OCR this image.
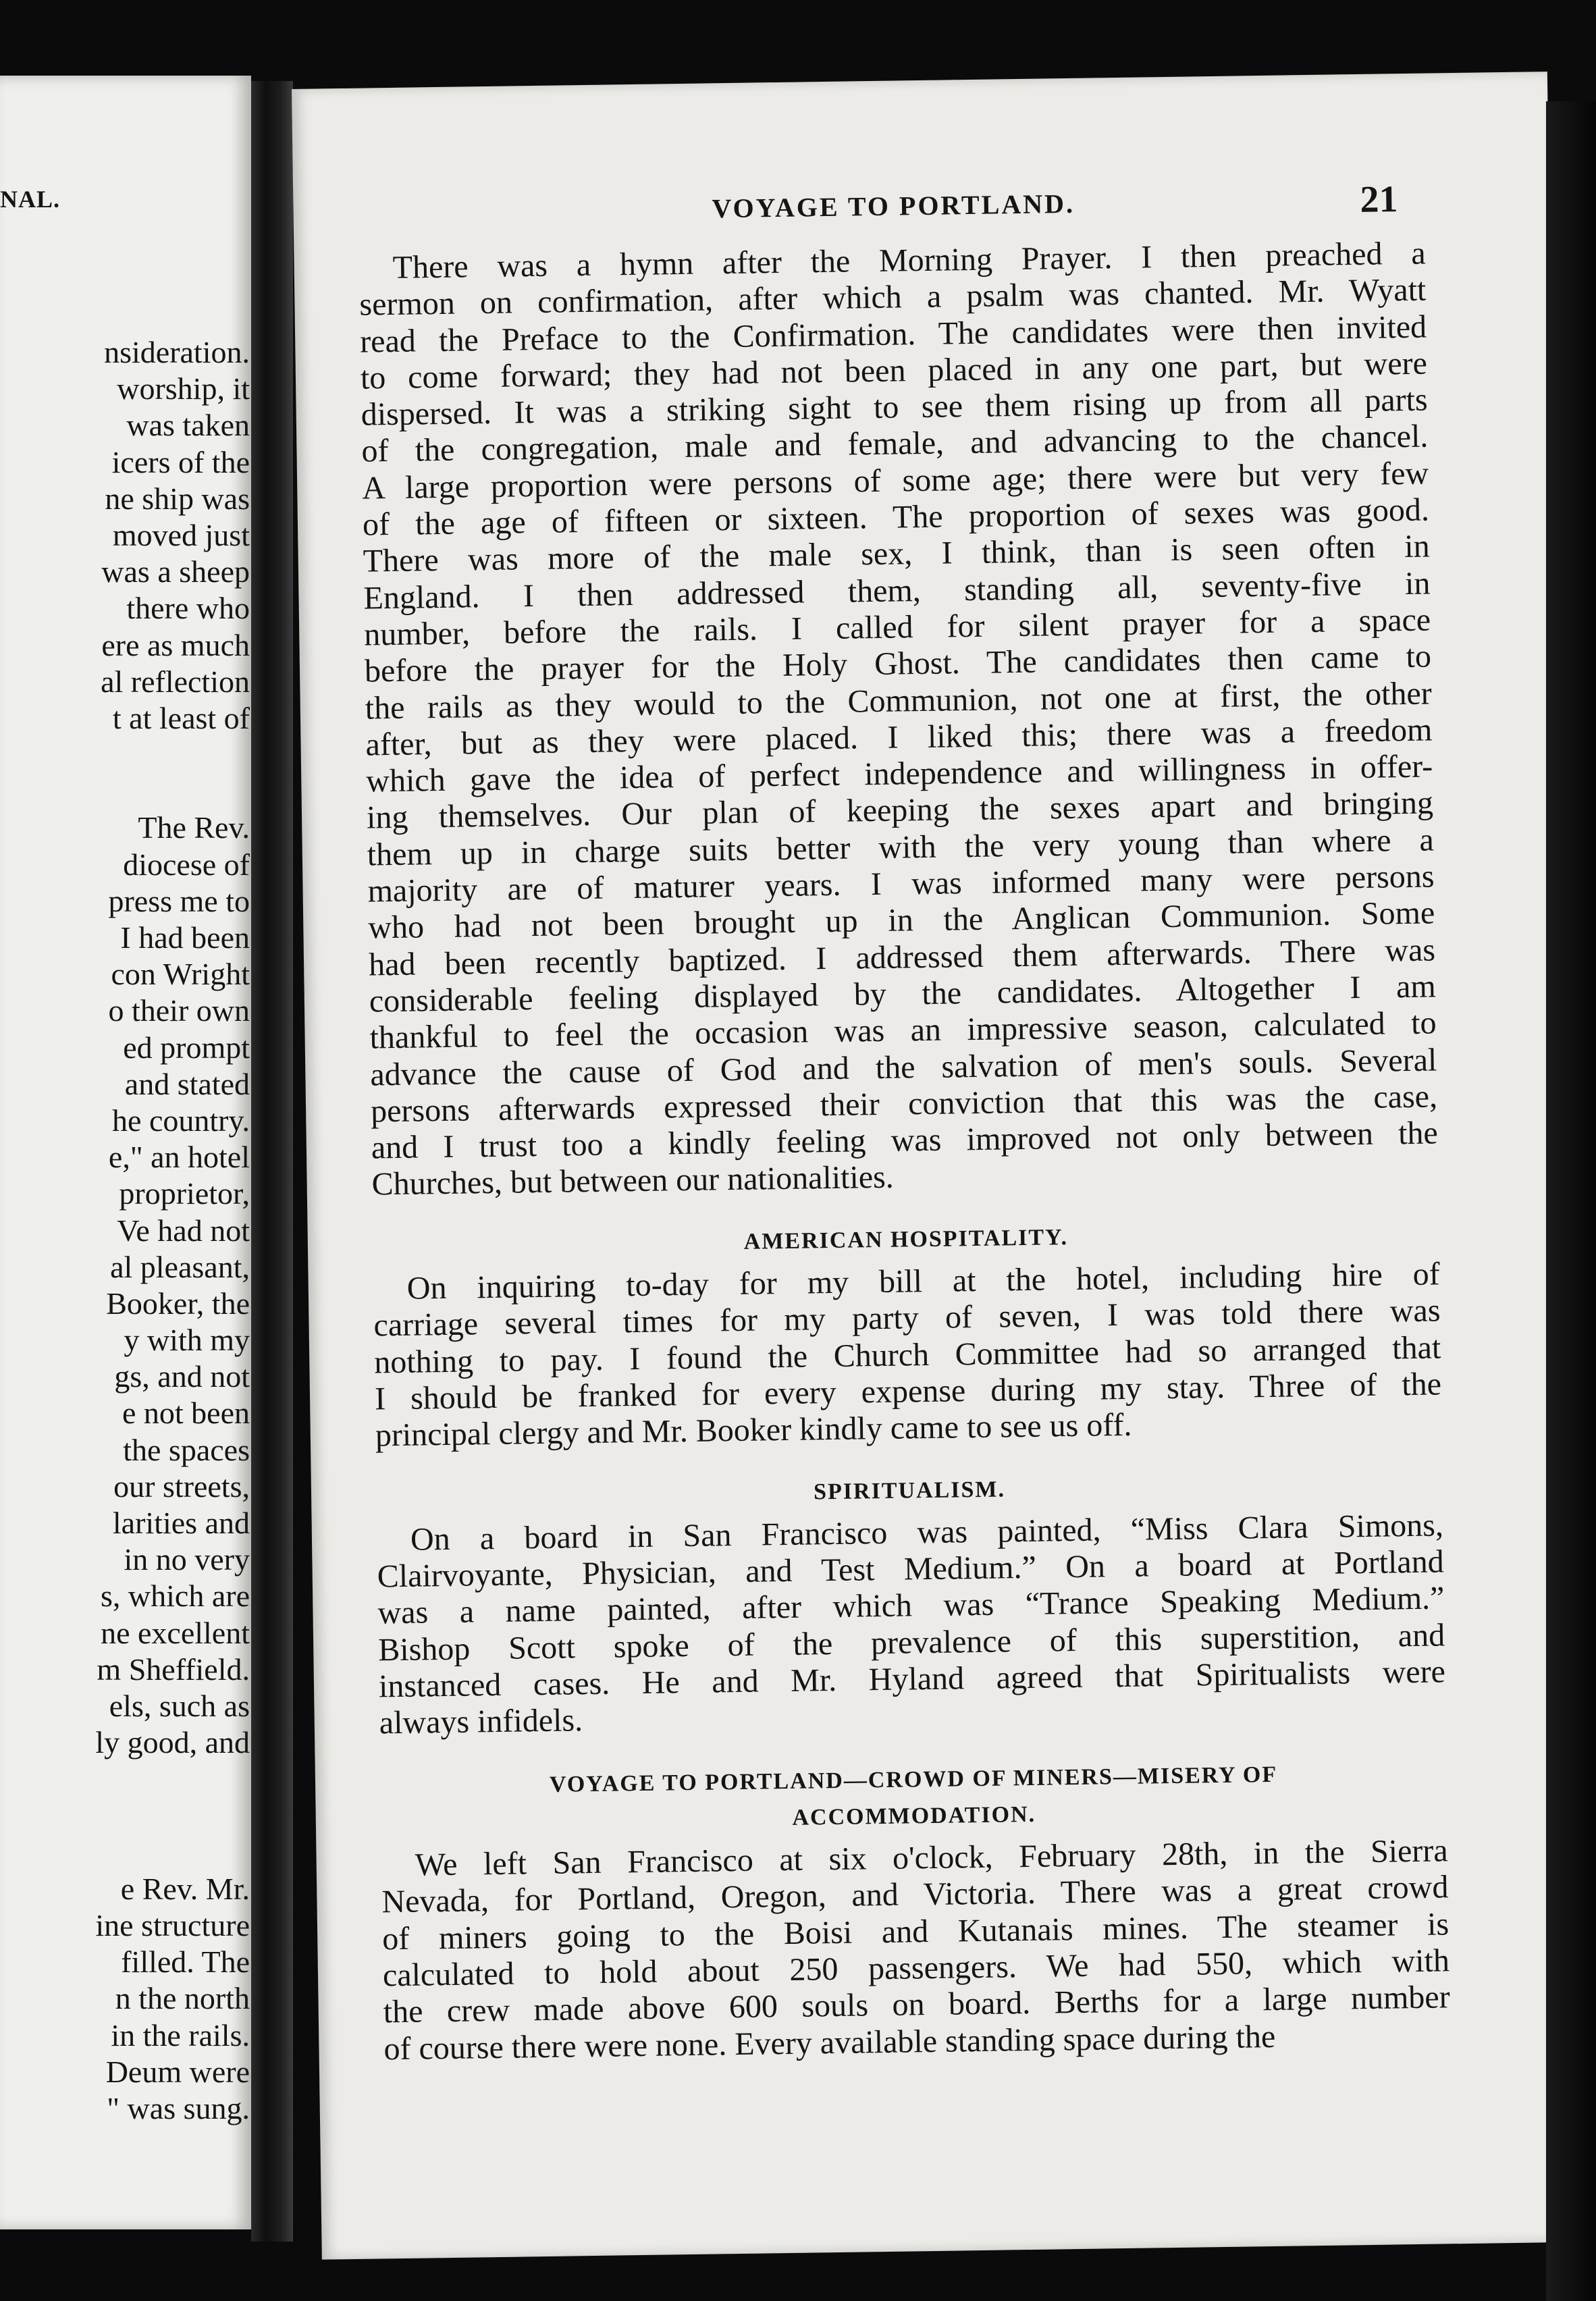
NAL.
nsideration.
worship, it
was taken
icers of the
ne ship was
moved just
was a sheep
there who
ere as much
al reflection
t at least of
The Rev.
diocese of
press me to
I had been
con Wright
o their own
ed prompt
and stated
he country.
e," an hotel
proprietor,
Ve had not
al pleasant,
Booker, the
y with my
gs, and not
e not been
the spaces
our streets,
larities and
in no very
s, which are
ne excellent
m Sheffield.
els, such as
ly good, and
e Rev. Mr.
ine structure
filled. The
n the north
in the rails.
Deum were
" was sung.
VOYAGE TO PORTLAND.	21
There was a hymn after the Morning Prayer. I then preached a
sermon on confirmation, after which a psalm was chanted. Mr. Wyatt
read the Preface to the Confirmation. The candidates were then invited
to come forward; they had not been placed in any one part, but were
dispersed. It was a striking sight to see them rising up from all parts
of the congregation, male and female, and advancing to the chancel.
A large proportion were persons of some age; there were but very few
of the age of fifteen or sixteen. The proportion of sexes was good.
There was more of the male sex, I think, than is seen often in
England. I then addressed them, standing all, seventy-five in
number, before the rails. I called for silent prayer for a space
before the prayer for the Holy Ghost. The candidates then came to
the rails as they would to the Communion, not one at first, the other
after, but as they were placed. I liked this; there was a freedom
which gave the idea of perfect independence and willingness in offer-
ing themselves. Our plan of keeping the sexes apart and bringing
them up in charge suits better with the very young than where a
majority are of maturer years. I was informed many were persons
who had not been brought up in the Anglican Communion. Some
had been recently baptized. I addressed them afterwards. There was
considerable feeling displayed by the candidates. Altogether I am
thankful to feel the occasion was an impressive season, calculated to
advance the cause of God and the salvation of men's souls. Several
persons afterwards expressed their conviction that this was the case,
and I trust too a kindly feeling was improved not only between the
Churches, but between our nationalities.
AMERICAN HOSPITALITY.
On inquiring to-day for my bill at the hotel, including hire of
carriage several times for my party of seven, I was told there was
nothing to pay. I found the Church Committee had so arranged that
I should be franked for every expense during my stay. Three of the
principal clergy and Mr. Booker kindly came to see us off.
SPIRITUALISM.
On a board in San Francisco was painted, “Miss Clara Simons,
Clairvoyante, Physician, and Test Medium.” On a board at Portland
was a name painted, after which was “Trance Speaking Medium.”
Bishop Scott spoke of the prevalence of this superstition, and
instanced cases. He and Mr. Hyland agreed that Spiritualists were
always infidels.
VOYAGE TO PORTLAND—CROWD OF MINERS—MISERY OF
ACCOMMODATION.
We left San Francisco at six o'clock, February 28th, in the Sierra
Nevada, for Portland, Oregon, and Victoria. There was a great crowd
of miners going to the Boisi and Kutanais mines. The steamer is
calculated to hold about 250 passengers. We had 550, which with
the crew made above 600 souls on board. Berths for a large number
of course there were none. Every available standing space during the
